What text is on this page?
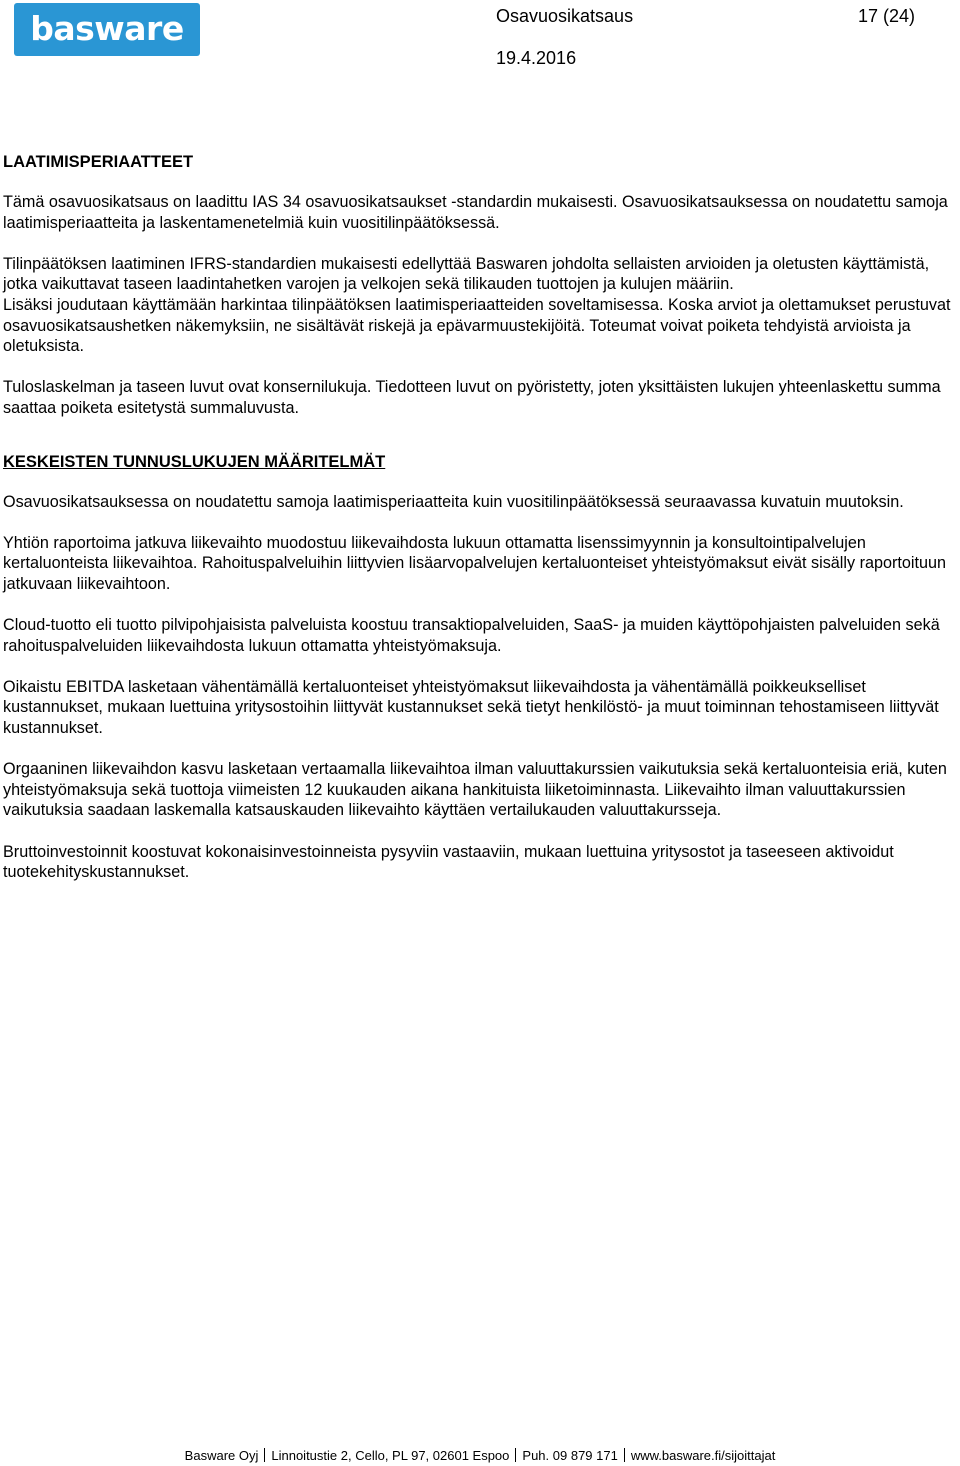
basware	Osavuosikatsaus	17 (24)
19.4.2016
LAATIMISPERIAATTEET

Tämä osavuosikatsaus on laadittu IAS 34 osavuosikatsaukset -standardin mukaisesti. Osavuosikatsauksessa on noudatettu samoja laatimisperiaatteita ja laskentamenetelmiä kuin vuositilinpäätöksessä.

Tilinpäätöksen laatiminen IFRS-standardien mukaisesti edellyttää Baswaren johdolta sellaisten arvioiden ja oletusten käyttämistä, jotka vaikuttavat taseen laadintahetken varojen ja velkojen sekä tilikauden tuottojen ja kulujen määriin.

Lisäksi joudutaan käyttämään harkintaa tilinpäätöksen laatimisperiaatteiden soveltamisessa. Koska arviot ja olettamukset perustuvat osavuosikatsaushetken näkemyksiin, ne sisältävät riskejä ja epävarmuustekijöitä. Toteumat voivat poiketa tehdyistä arvioista ja oletuksista.

Tuloslaskelman ja taseen luvut ovat konsernilukuja. Tiedotteen luvut on pyöristetty, joten yksittäisten lukujen yhteenlaskettu summa saattaa poiketa esitetystä summaluvusta.

KESKEISTEN TUNNUSLUKUJEN MÄÄRITELMÄT

Osavuosikatsauksessa on noudatettu samoja laatimisperiaatteita kuin vuositilinpäätöksessä seuraavassa kuvatuin muutoksin.

Yhtiön raportoima jatkuva liikevaihto muodostuu liikevaihdosta lukuun ottamatta lisenssimyynnin ja konsultointipalvelujen kertaluonteista liikevaihtoa. Rahoituspalveluihin liittyvien lisäarvopalvelujen kertaluonteiset yhteistyömaksut eivät sisälly raportoituun jatkuvaan liikevaihtoon.

Cloud-tuotto eli tuotto pilvipohjaisista palveluista koostuu transaktiopalveluiden, SaaS- ja muiden käyttöpohjaisten palveluiden sekä rahoituspalveluiden liikevaihdosta lukuun ottamatta yhteistyömaksuja.

Oikaistu EBITDA lasketaan vähentämällä kertaluonteiset yhteistyömaksut liikevaihdosta ja vähentämällä poikkeukselliset kustannukset, mukaan luettuina yritysostoihin liittyvät kustannukset sekä tietyt henkilöstö- ja muut toiminnan tehostamiseen liittyvät kustannukset.

Orgaaninen liikevaihdon kasvu lasketaan vertaamalla liikevaihtoa ilman valuuttakurssien vaikutuksia sekä kertaluonteisia eriä, kuten yhteistyömaksuja sekä tuottoja viimeisten 12 kuukauden aikana hankituista liiketoiminnasta. Liikevaihto ilman valuuttakurssien vaikutuksia saadaan laskemalla katsauskauden liikevaihto käyttäen vertailukauden valuuttakursseja.

Bruttoinvestoinnit koostuvat kokonaisinvestoinneista pysyviin vastaaviin, mukaan luettuina yritysostot ja taseeseen aktivoidut tuotekehityskustannukset.

Basware Oyj Linnoitustie 2, Cello, PL 97, 02601 Espoo Puh. 09 879 171 www.basware.fi/sijoittajat
